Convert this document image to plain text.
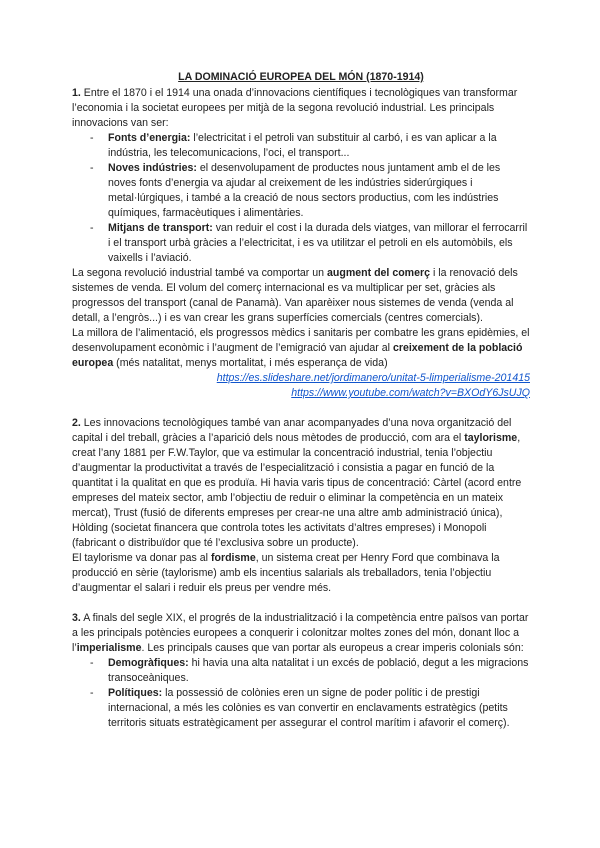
LA DOMINACIÓ EUROPEA DEL MÓN (1870-1914)

1. Entre el 1870 i el 1914 una onada d’innovacions científiques i tecnològiques van transformar l’economia i la societat europees per mitjà de la segona revolució industrial. Les principals innovacions van ser:

- Fonts d’energia: l’electricitat i el petroli van substituir al carbó, i es van aplicar a la indústria, les telecomunicacions, l’oci, el transport...
- Noves indústries: el desenvolupament de productes nous juntament amb el de les noves fonts d’energia va ajudar al creixement de les indústries siderúrgiques i metal·lúrgiques, i també a la creació de nous sectors productius, com les indústries químiques, farmacèutiques i alimentàries.
- Mitjans de transport: van reduir el cost i la durada dels viatges, van millorar el ferrocarril i el transport urbà gràcies a l’electricitat, i es va utilitzar el petroli en els automòbils, els vaixells i l’aviació.

La segona revolució industrial també va comportar un augment del comerç i la renovació dels sistemes de venda. El volum del comerç internacional es va multiplicar per set, gràcies als progressos del transport (canal de Panamà). Van aparèixer nous sistemes de venda (venda al detall, a l’engròs...) i es van crear les grans superfícies comercials (centres comercials).

La millora de l’alimentació, els progressos mèdics i sanitaris per combatre les grans epidèmies, el desenvolupament econòmic i l’augment de l’emigració van ajudar al creixement de la població europea (més natalitat, menys mortalitat, i més esperança de vida)

https://es.slideshare.net/jordimanero/unitat-5-limperialisme-201415
https://www.youtube.com/watch?v=BXOdY6JsUJQ

2. Les innovacions tecnològiques també van anar acompanyades d’una nova organització del capital i del treball, gràcies a l’aparició dels nous mètodes de producció, com ara el taylorisme, creat l’any 1881 per F.W.Taylor, que va estimular la concentració industrial, tenia l’objectiu d’augmentar la productivitat a través de l’especialització i consistia a pagar en funció de la quantitat i la qualitat en que es produïa. Hi havia varis tipus de concentració: Càrtel (acord entre empreses del mateix sector, amb l’objectiu de reduir o eliminar la competència en un mateix mercat), Trust (fusió de diferents empreses per crear-ne una altre amb administració única), Hòlding (societat financera que controla totes les activitats d’altres empreses) i Monopoli (fabricant o distribuïdor que té l’exclusiva sobre un producte).

El taylorisme va donar pas al fordisme, un sistema creat per Henry Ford que combinava la producció en sèrie (taylorisme) amb els incentius salarials als treballadors, tenia l’objectiu d’augmentar el salari i reduir els preus per vendre més.

3. A finals del segle XIX, el progrés de la industrialització i la competència entre països van portar a les principals potències europees a conquerir i colonitzar moltes zones del món, donant lloc a l’imperialisme. Les principals causes que van portar als europeus a crear imperis colonials són:

- Demogràfiques: hi havia una alta natalitat i un excés de població, degut a les migracions transoceàniques.
- Polítiques: la possessió de colònies eren un signe de poder polític i de prestigi internacional, a més les colònies es van convertir en enclavaments estratègics (petits territoris situats estratègicament per assegurar el control marítim i afavorir el comerç).
